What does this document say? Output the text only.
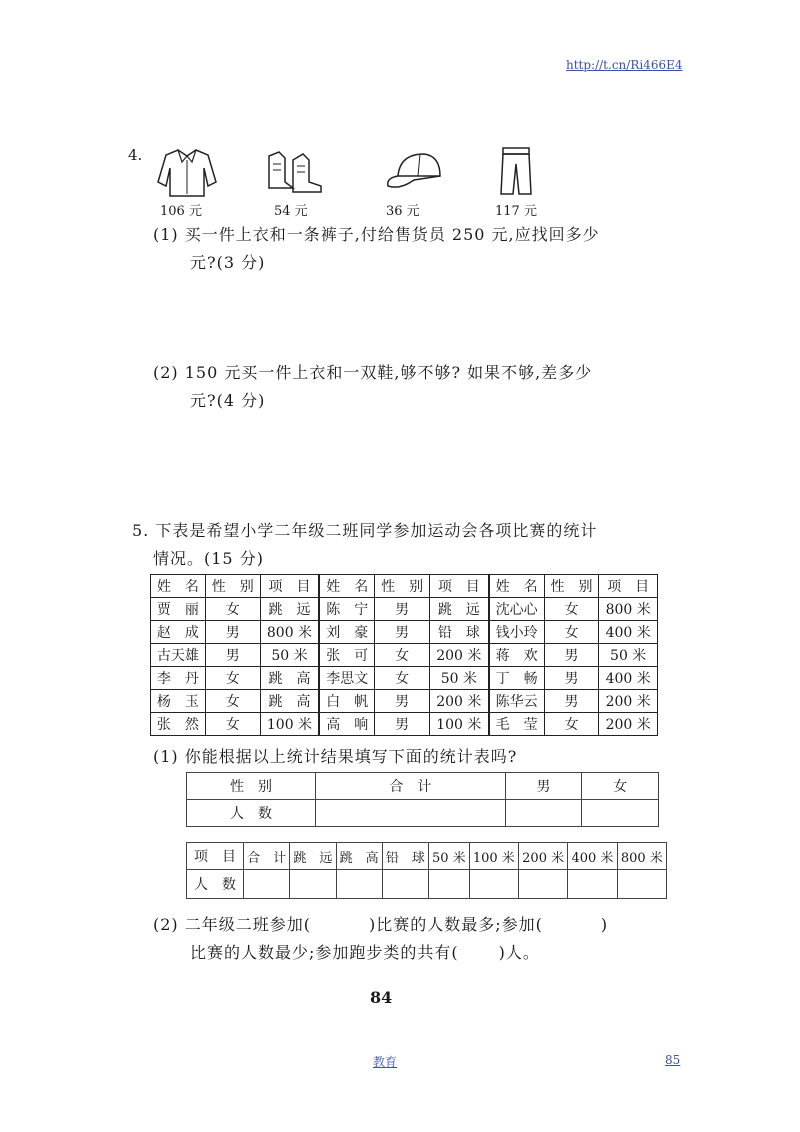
http://t.cn/Ri466E4
4.
106 元	54 元	36 元	117 元
(1) 买一件上衣和一条裤子,付给售货员 250 元,应找回多少
元?(3 分)
(2) 150 元买一件上衣和一双鞋,够不够? 如果不够,差多少
元?(4 分)
5. 下表是希望小学二年级二班同学参加运动会各项比赛的统计
情况。(15 分)
姓　名	性　别	项　目	姓　名	性　别	项　目	姓　名	性　别	项　目
贾　丽	女	跳　远	陈　宁	男	跳　远	沈心心	女	800 米
赵　成	男	800 米	刘　豪	男	铅　球	钱小玲	女	400 米
古天雄	男	50 米	张　可	女	200 米	蒋　欢	男	50 米
李　丹	女	跳　高	李思文	女	50 米	丁　畅	男	400 米
杨　玉	女	跳　高	白　帆	男	200 米	陈华云	男	200 米
张　然	女	100 米	高　响	男	100 米	毛　莹	女	200 米
(1) 你能根据以上统计结果填写下面的统计表吗?
性　别	合　计	男	女
人　数			
项　目	合　计	跳　远	跳　高	铅　球	50 米	100 米	200 米	400 米	800 米
人　数									
(2) 二年级二班参加(	)比赛的人数最多;参加(	)
比赛的人数最少;参加跑步类的共有(	)人。
84
教育	85
